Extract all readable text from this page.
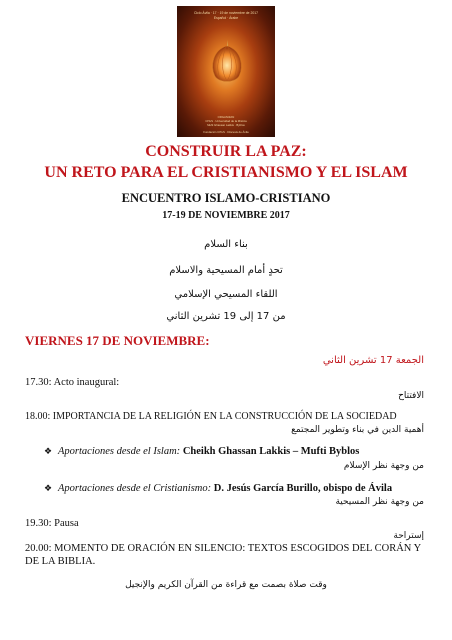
Ciclo Ávila · 17 · 19 de noviembre de 2017
Español · Árabe
ORGANIZAN
CITeS · Universidad de la Mística
Mufti Ghassan Lakkis · Byblos
Fundación CITeS · Diócesis de Ávila
CONSTRUIR LA PAZ:
UN RETO PARA EL CRISTIANISMO Y EL ISLAM
ENCUENTRO ISLAMO-CRISTIANO
17-19 DE NOVIEMBRE 2017
بناء السلام
تحدٍ أمام المسيحية والاسلام
اللقاء المسيحي الإسلامي
من 17 إلى 19 تشرين الثاني
VIERNES 17 DE NOVIEMBRE:
الجمعة 17 تشرين الثاني
17.30: Acto inaugural:
الافتتاح
18.00: IMPORTANCIA DE LA RELIGIÓN EN LA CONSTRUCCIÓN DE LA SOCIEDAD
أهمية الدين في بناء وتطوير المجتمع
❖ Aportaciones desde el Islam: Cheikh Ghassan Lakkis – Mufti Byblos
من وجهة نظر الإسلام
❖ Aportaciones desde el Cristianismo: D. Jesús García Burillo, obispo de Ávila
من وجهة نظر المسيحية
19.30: Pausa
إستراحة
20.00: MOMENTO DE ORACIÓN EN SILENCIO: TEXTOS ESCOGIDOS DEL CORÁN Y DE LA BIBLIA.
وقت صلاة بصمت مع قراءة من القرآن الكريم والإنجيل
